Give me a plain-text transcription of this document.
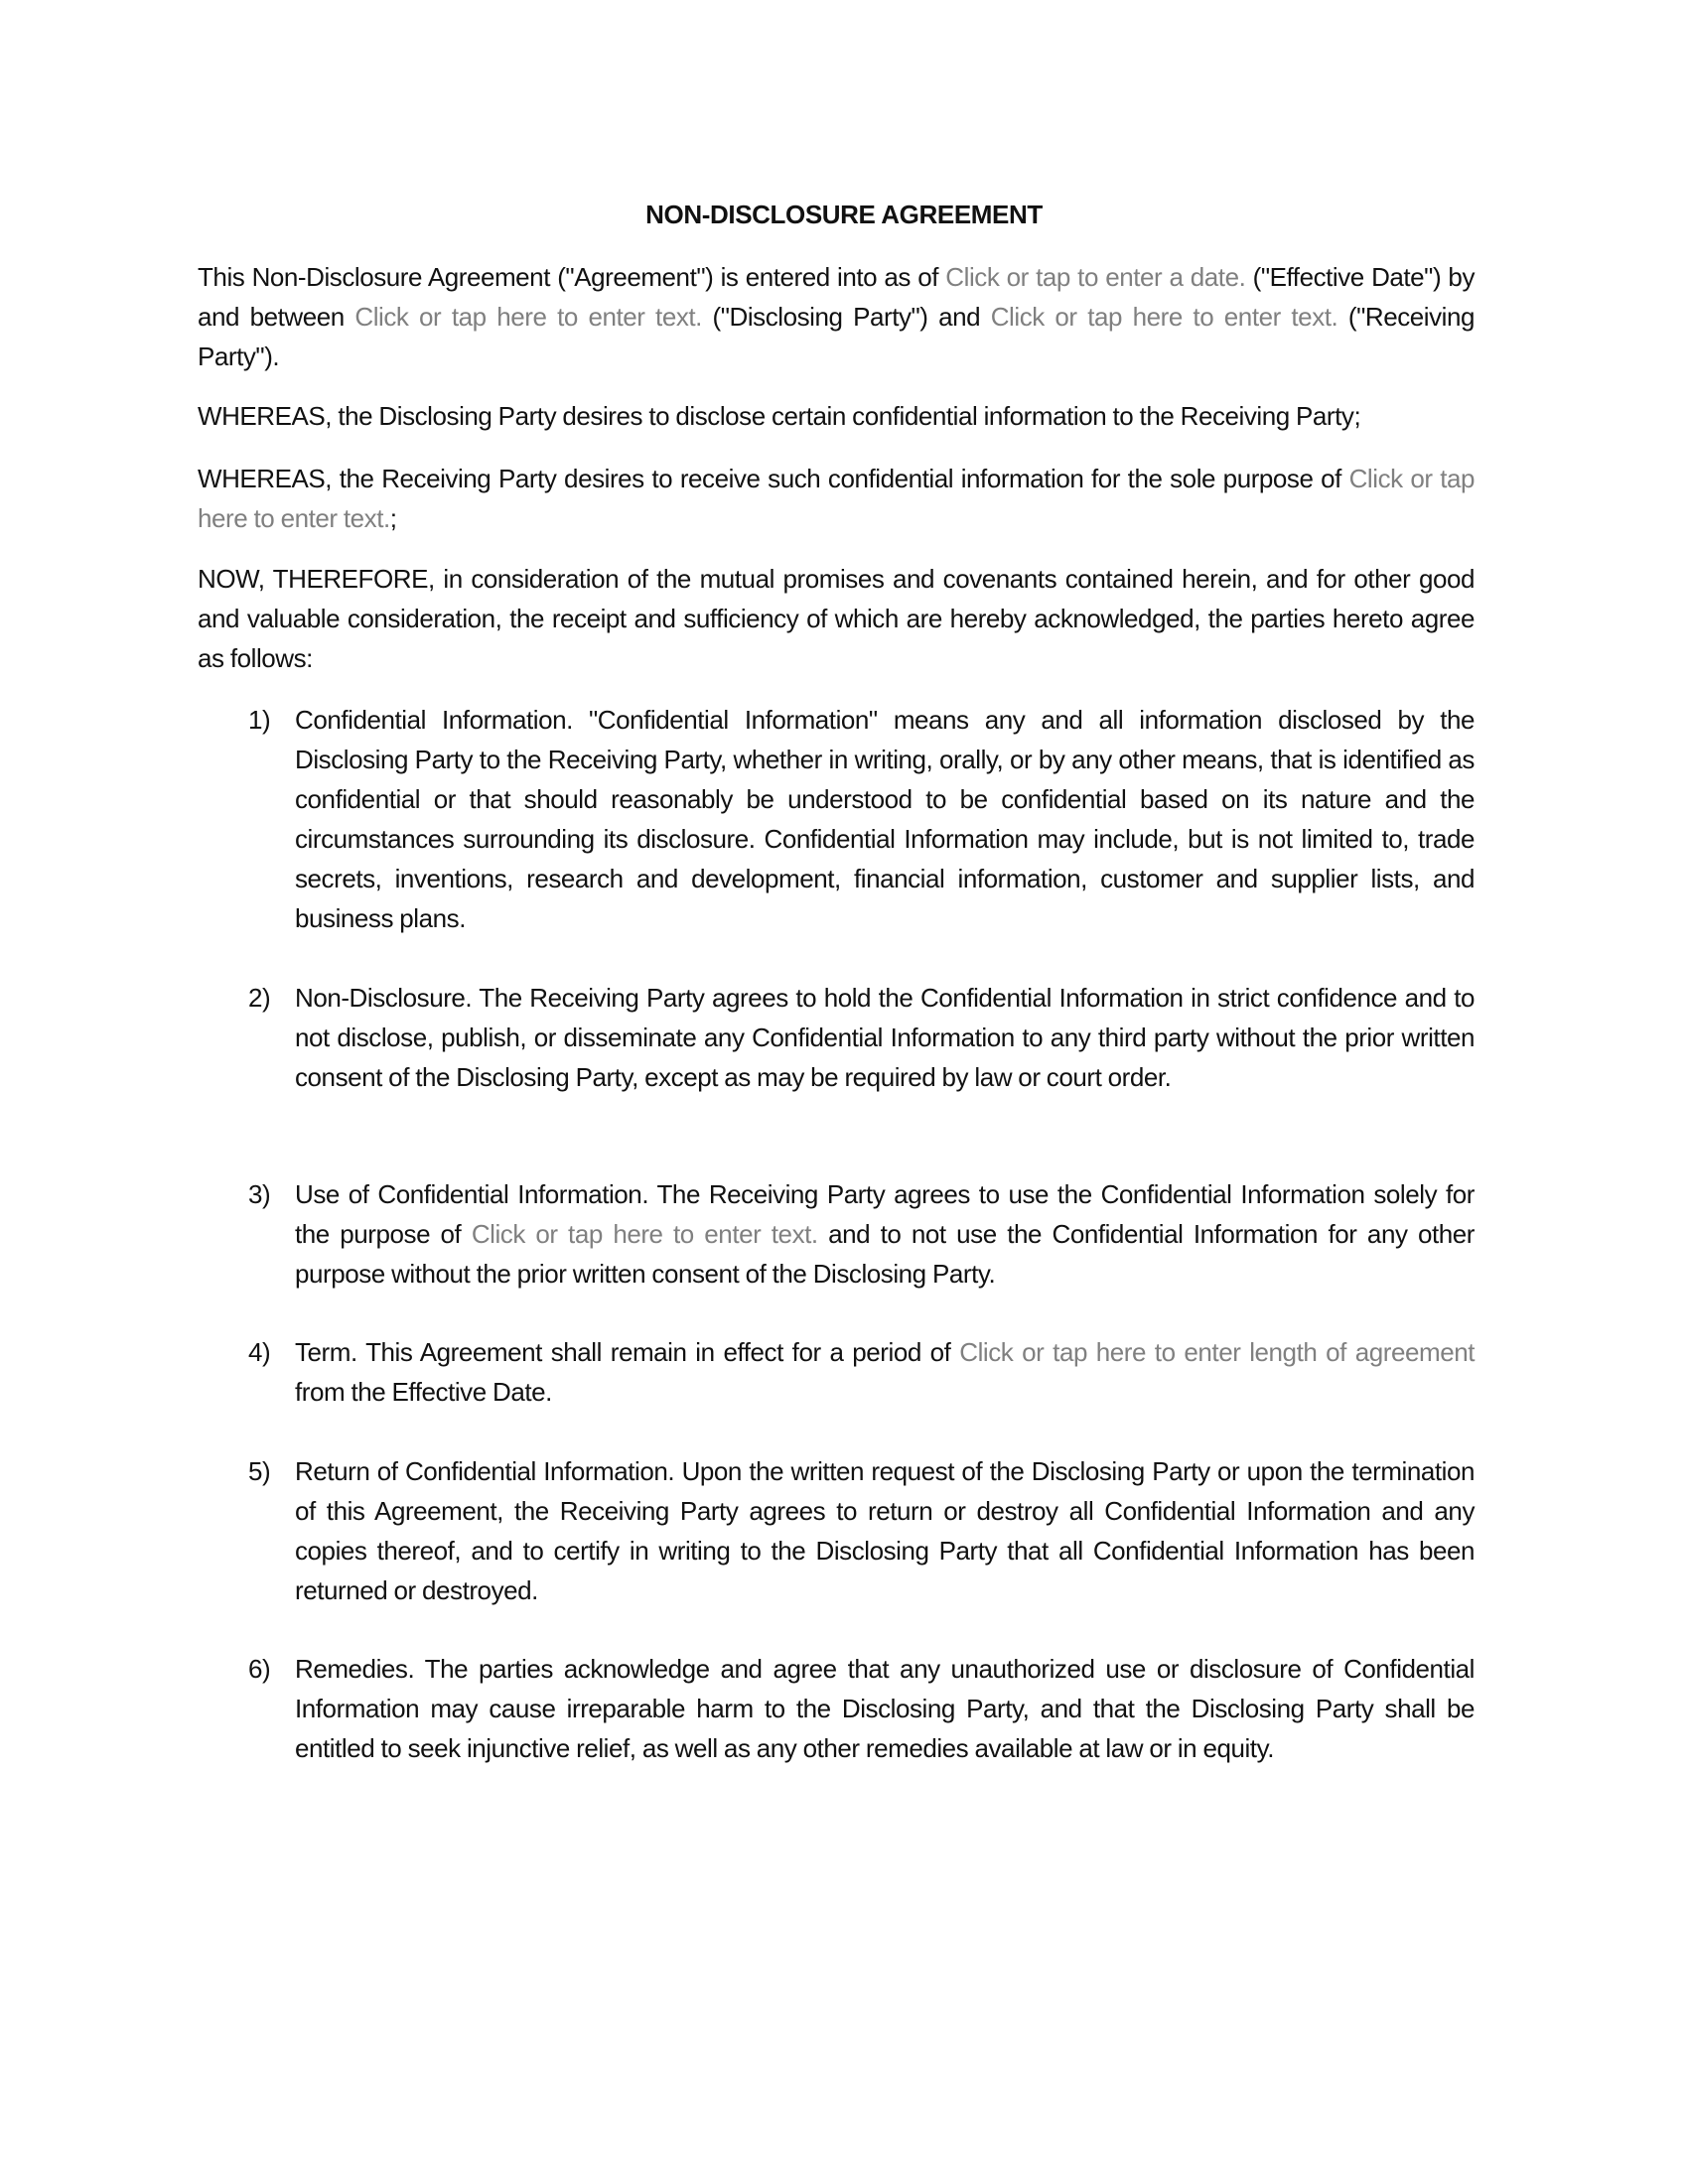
NON-DISCLOSURE AGREEMENT
This Non-Disclosure Agreement ("Agreement") is entered into as of Click or tap to enter a date. ("Effective Date") by and between Click or tap here to enter text. ("Disclosing Party") and Click or tap here to enter text. ("Receiving Party").
WHEREAS, the Disclosing Party desires to disclose certain confidential information to the Receiving Party;
WHEREAS, the Receiving Party desires to receive such confidential information for the sole purpose of Click or tap here to enter text.;
NOW, THEREFORE, in consideration of the mutual promises and covenants contained herein, and for other good and valuable consideration, the receipt and sufficiency of which are hereby acknowledged, the parties hereto agree as follows:
1) Confidential Information. "Confidential Information" means any and all information disclosed by the Disclosing Party to the Receiving Party, whether in writing, orally, or by any other means, that is identified as confidential or that should reasonably be understood to be confidential based on its nature and the circumstances surrounding its disclosure. Confidential Information may include, but is not limited to, trade secrets, inventions, research and development, financial information, customer and supplier lists, and business plans.
2) Non-Disclosure. The Receiving Party agrees to hold the Confidential Information in strict confidence and to not disclose, publish, or disseminate any Confidential Information to any third party without the prior written consent of the Disclosing Party, except as may be required by law or court order.
3) Use of Confidential Information. The Receiving Party agrees to use the Confidential Information solely for the purpose of Click or tap here to enter text. and to not use the Confidential Information for any other purpose without the prior written consent of the Disclosing Party.
4) Term. This Agreement shall remain in effect for a period of Click or tap here to enter length of agreement from the Effective Date.
5) Return of Confidential Information. Upon the written request of the Disclosing Party or upon the termination of this Agreement, the Receiving Party agrees to return or destroy all Confidential Information and any copies thereof, and to certify in writing to the Disclosing Party that all Confidential Information has been returned or destroyed.
6) Remedies. The parties acknowledge and agree that any unauthorized use or disclosure of Confidential Information may cause irreparable harm to the Disclosing Party, and that the Disclosing Party shall be entitled to seek injunctive relief, as well as any other remedies available at law or in equity.
